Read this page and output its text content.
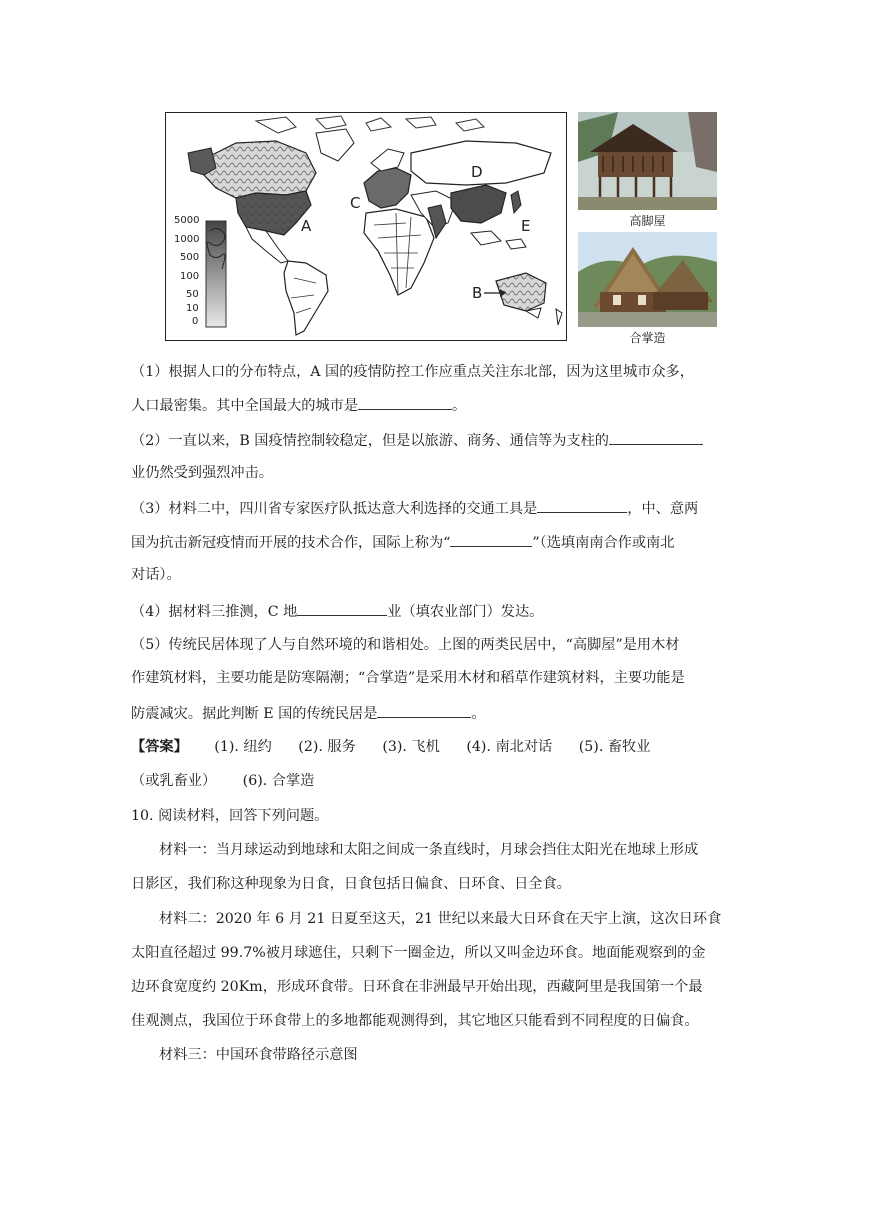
5000
1000
500
100
50
10
0
A
B
C
D
E	高脚屋
合掌造
（1）根据人口的分布特点，A 国的疫情防控工作应重点关注东北部，因为这里城市众多，
人口最密集。其中全国最大的城市是	。
（2）一直以来，B 国疫情控制较稳定，但是以旅游、商务、通信等为支柱的
业仍然受到强烈冲击。
（3）材料二中，四川省专家医疗队抵达意大利选择的交通工具是	，中、意两
国为抗击新冠疫情而开展的技术合作，国际上称为“	”（选填南南合作或南北
对话）。
（4）据材料三推测，C 地	业（填农业部门）发达。
（5）传统民居体现了人与自然环境的和谐相处。上图的两类民居中，“高脚屋”是用木材
作建筑材料，主要功能是防寒隔潮；“合掌造”是采用木材和稻草作建筑材料，主要功能是
防震减灾。据此判断 E 国的传统民居是	。
【答案】 (1). 纽约 (2). 服务 (3). 飞机 (4). 南北对话 (5). 畜牧业
（或乳畜业） (6). 合掌造
10. 阅读材料，回答下列问题。
材料一：当月球运动到地球和太阳之间成一条直线时，月球会挡住太阳光在地球上形成
日影区，我们称这种现象为日食，日食包括日偏食、日环食、日全食。
材料二：2020 年 6 月 21 日夏至这天，21 世纪以来最大日环食在天宇上演，这次日环食
太阳直径超过 99.7%被月球遮住，只剩下一圈金边，所以又叫金边环食。地面能观察到的金
边环食宽度约 20Km，形成环食带。日环食在非洲最早开始出现，西藏阿里是我国第一个最
佳观测点，我国位于环食带上的多地都能观测得到，其它地区只能看到不同程度的日偏食。
材料三：中国环食带路径示意图
